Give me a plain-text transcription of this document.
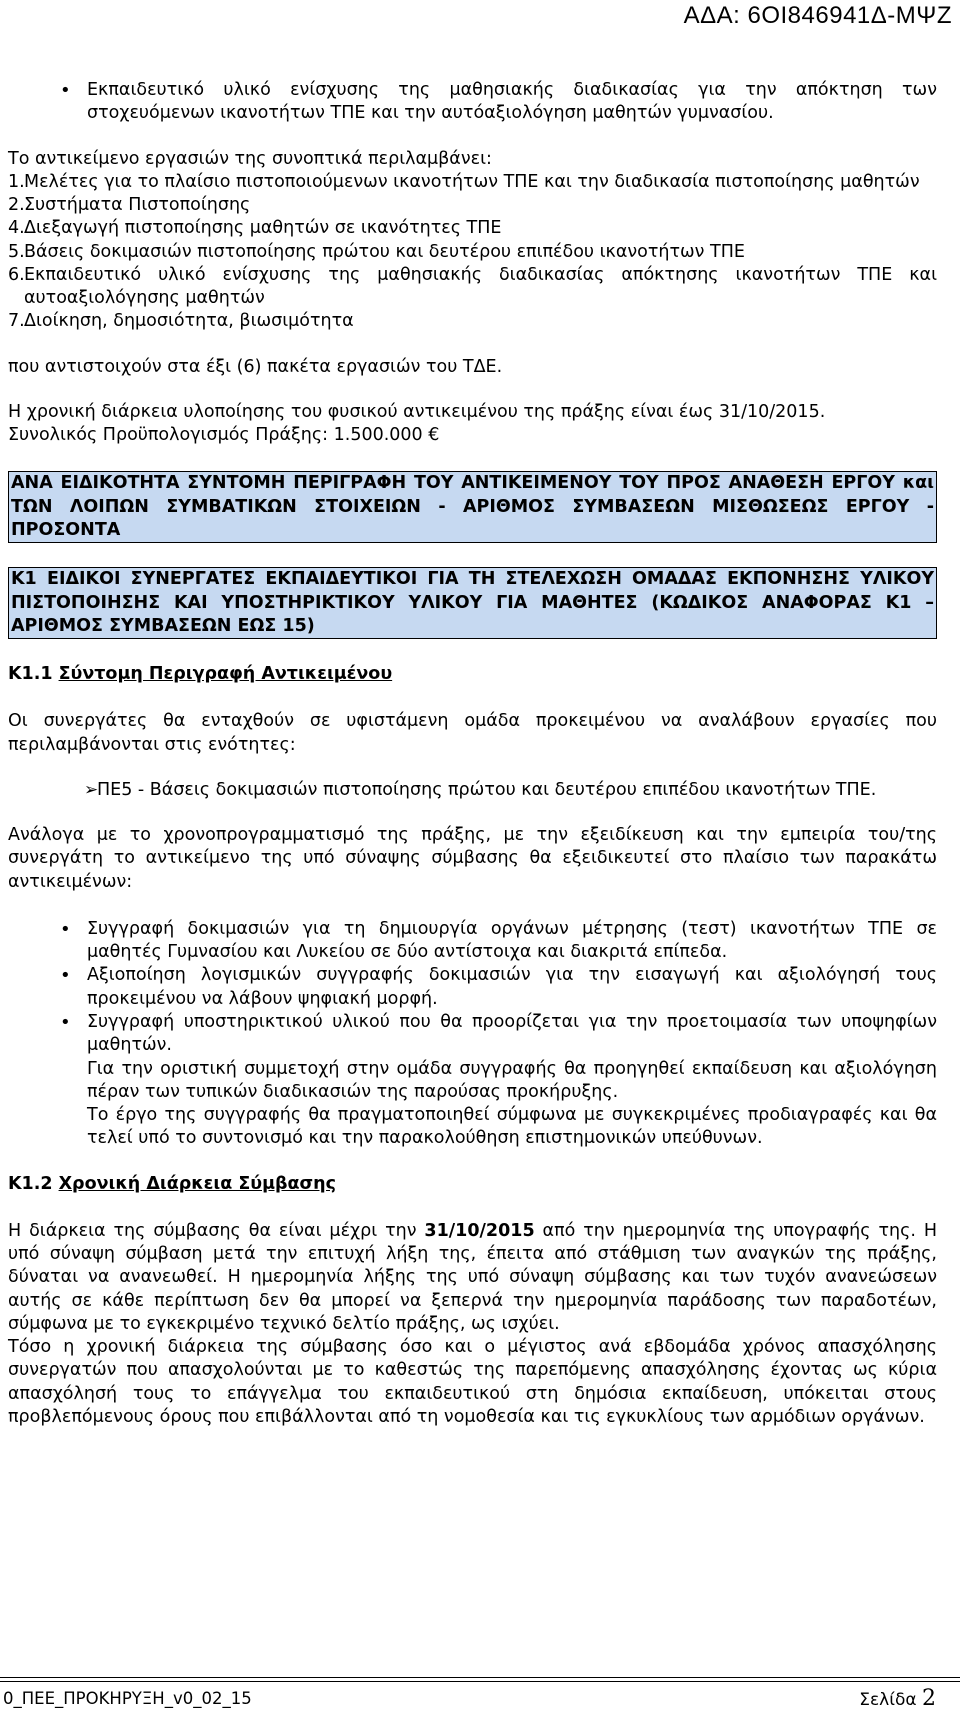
ΑΔΑ: 6ΟΙ846941Δ-ΜΨΖ
• Εκπαιδευτικό υλικό ενίσχυσης της μαθησιακής διαδικασίας για την απόκτηση των στοχευόμενων ικανοτήτων ΤΠΕ και την αυτόαξιολόγηση μαθητών γυμνασίου.
Το αντικείμενο εργασιών της συνοπτικά περιλαμβάνει:
1. Μελέτες για το πλαίσιο πιστοποιούμενων ικανοτήτων ΤΠΕ και την διαδικασία πιστοποίησης μαθητών
2. Συστήματα Πιστοποίησης
4. Διεξαγωγή πιστοποίησης μαθητών σε ικανότητες ΤΠΕ
5. Βάσεις δοκιμασιών πιστοποίησης πρώτου και δευτέρου επιπέδου ικανοτήτων ΤΠΕ
6. Εκπαιδευτικό υλικό ενίσχυσης της μαθησιακής διαδικασίας απόκτησης ικανοτήτων ΤΠΕ και αυτοαξιολόγησης μαθητών
7. Διοίκηση, δημοσιότητα, βιωσιμότητα
που αντιστοιχούν στα έξι (6) πακέτα εργασιών του ΤΔΕ.
Η χρονική διάρκεια υλοποίησης του φυσικού αντικειμένου της πράξης είναι έως 31/10/2015.
Συνολικός Προϋπολογισμός Πράξης: 1.500.000 €
ΑΝΑ ΕΙΔΙΚΟΤΗΤΑ ΣΥΝΤΟΜΗ ΠΕΡΙΓΡΑΦΗ ΤΟΥ ΑΝΤΙΚΕΙΜΕΝΟΥ ΤΟΥ ΠΡΟΣ ΑΝΑΘΕΣΗ ΕΡΓΟΥ και ΤΩΝ ΛΟΙΠΩΝ ΣΥΜΒΑΤΙΚΩΝ ΣΤΟΙΧΕΙΩΝ - ΑΡΙΘΜΟΣ ΣΥΜΒΑΣΕΩΝ ΜΙΣΘΩΣΕΩΣ ΕΡΓΟΥ - ΠΡΟΣΟΝΤΑ
Κ1 ΕΙΔΙΚΟΙ ΣΥΝΕΡΓΑΤΕΣ ΕΚΠΑΙΔΕΥΤΙΚΟΙ ΓΙΑ ΤΗ ΣΤΕΛΕΧΩΣΗ ΟΜΑΔΑΣ ΕΚΠΟΝΗΣΗΣ ΥΛΙΚΟΥ ΠΙΣΤΟΠΟΙΗΣΗΣ ΚΑΙ ΥΠΟΣΤΗΡΙΚΤΙΚΟΥ ΥΛΙΚΟΥ ΓΙΑ ΜΑΘΗΤΕΣ (ΚΩΔΙΚΟΣ ΑΝΑΦΟΡΑΣ Κ1 – ΑΡΙΘΜΟΣ ΣΥΜΒΑΣΕΩΝ ΕΩΣ 15)
Κ1.1 Σύντομη Περιγραφή Αντικειμένου
Οι συνεργάτες θα ενταχθούν σε υφιστάμενη ομάδα προκειμένου να αναλάβουν εργασίες που περιλαμβάνονται στις ενότητες:
➢
ΠΕ5 - Βάσεις δοκιμασιών πιστοποίησης πρώτου και δευτέρου επιπέδου ικανοτήτων ΤΠΕ.
Ανάλογα με το χρονοπρογραμματισμό της πράξης, με την εξειδίκευση και την εμπειρία του/της συνεργάτη το αντικείμενο της υπό σύναψης σύμβασης θα εξειδικευτεί στο πλαίσιο των παρακάτω αντικειμένων:
• Συγγραφή δοκιμασιών για τη δημιουργία οργάνων μέτρησης (τεστ) ικανοτήτων ΤΠΕ σε μαθητές Γυμνασίου και Λυκείου σε δύο αντίστοιχα και διακριτά επίπεδα.
• Αξιοποίηση λογισμικών συγγραφής δοκιμασιών για την εισαγωγή και αξιολόγησή τους προκειμένου να λάβουν ψηφιακή μορφή.
• Συγγραφή υποστηρικτικού υλικού που θα προορίζεται για την προετοιμασία των υποψηφίων μαθητών.
Για την οριστική συμμετοχή στην ομάδα συγγραφής θα προηγηθεί εκπαίδευση και αξιολόγηση πέραν των τυπικών διαδικασιών της παρούσας προκήρυξης.
Το έργο της συγγραφής θα πραγματοποιηθεί σύμφωνα με συγκεκριμένες προδιαγραφές και θα τελεί υπό το συντονισμό και την παρακολούθηση επιστημονικών υπεύθυνων.
Κ1.2 Χρονική Διάρκεια Σύμβασης
Η διάρκεια της σύμβασης θα είναι μέχρι την 31/10/2015 από την ημερομηνία της υπογραφής της. Η υπό σύναψη σύμβαση μετά την επιτυχή λήξη της, έπειτα από στάθμιση των αναγκών της πράξης, δύναται να ανανεωθεί. Η ημερομηνία λήξης της υπό σύναψη σύμβασης και των τυχόν ανανεώσεων αυτής σε κάθε περίπτωση δεν θα μπορεί να ξεπερνά την ημερομηνία παράδοσης των παραδοτέων, σύμφωνα με το εγκεκριμένο τεχνικό δελτίο πράξης, ως ισχύει.
Τόσο η χρονική διάρκεια της σύμβασης όσο και ο μέγιστος ανά εβδομάδα χρόνος απασχόλησης συνεργατών που απασχολούνται με το καθεστώς της παρεπόμενης απασχόλησης έχοντας ως κύρια απασχόλησή τους το επάγγελμα του εκπαιδευτικού στη δημόσια εκπαίδευση, υπόκειται στους προβλεπόμενους όρους που επιβάλλονται από τη νομοθεσία και τις εγκυκλίους των αρμόδιων οργάνων.
0_ΠΕΕ_ΠΡΟΚΗΡΥΞΗ_v0_02_15	Σελίδα 2
